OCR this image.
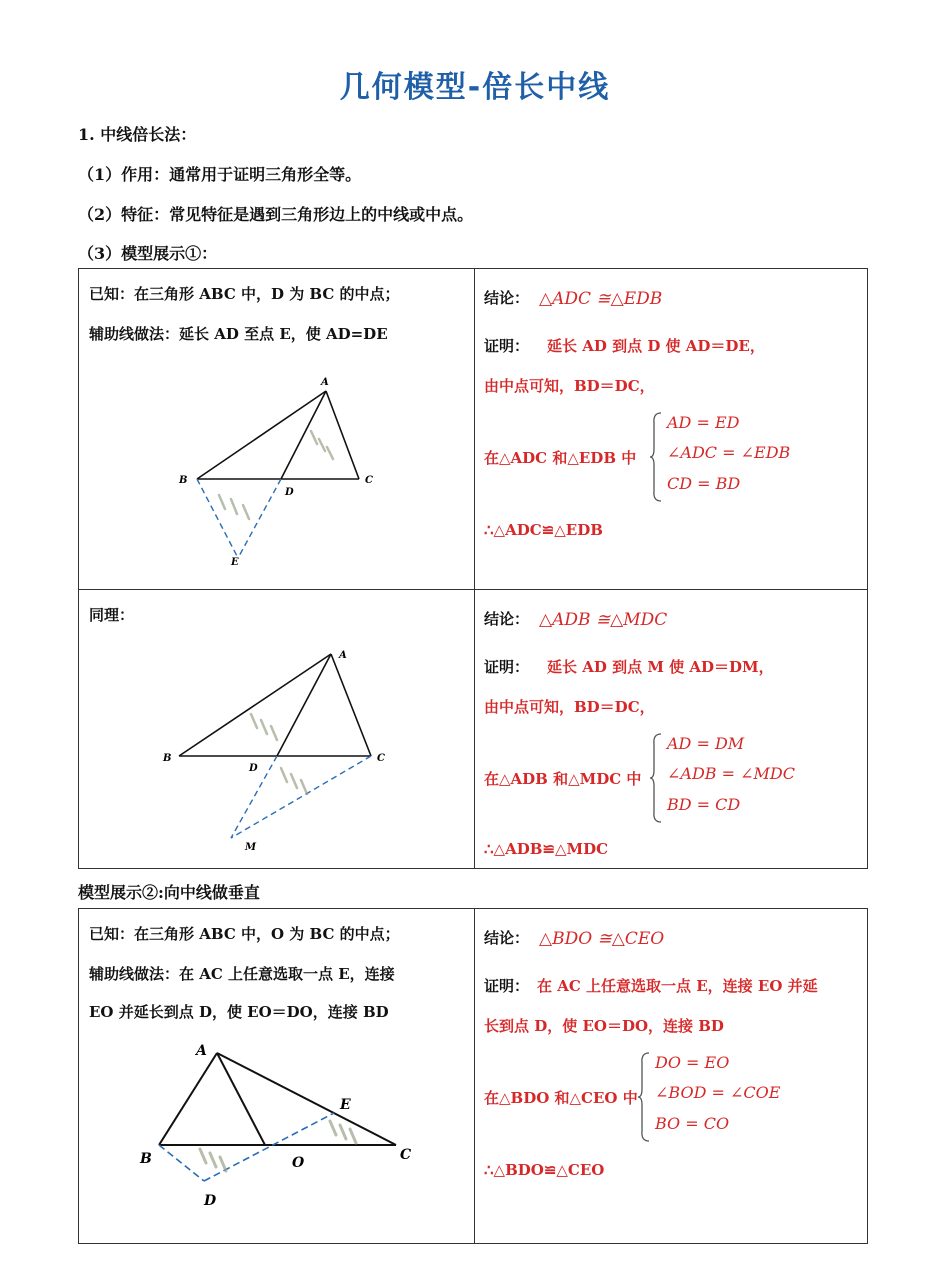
几何模型-倍长中线
1. 中线倍长法：
（1）作用：通常用于证明三角形全等。
（2）特征：常见特征是遇到三角形边上的中线或中点。
（3）模型展示①：
已知：在三角形 ABC 中，D 为 BC 的中点；
辅助线做法：延长 AD 至点 E，使 AD=DE
A
B	C
D
E
结论： △ADC ≅△EDB
证明： 延长 AD 到点 D 使 AD＝DE，
由中点可知，BD＝DC，
在△ADC 和△EDB 中
AD = ED
∠ADC = ∠EDB
CD = BD
∴△ADC≌△EDB
同理：
A
B	C
D
M
结论： △ADB ≅△MDC
证明： 延长 AD 到点 M 使 AD＝DM，
由中点可知，BD＝DC，
在△ADB 和△MDC 中
AD = DM
∠ADB = ∠MDC
BD = CD
∴△ADB≌△MDC
模型展示②:向中线做垂直
已知：在三角形 ABC 中，O 为 BC 的中点；
辅助线做法：在 AC 上任意选取一点 E，连接
EO 并延长到点 D，使 EO＝DO，连接 BD
A
B	C
D
E
O
结论： △BDO ≅△CEO
证明： 在 AC 上任意选取一点 E，连接 EO 并延
长到点 D，使 EO＝DO，连接 BD
在△BDO 和△CEO 中
DO = EO
∠BOD = ∠COE
BO = CO
∴△BDO≌△CEO
